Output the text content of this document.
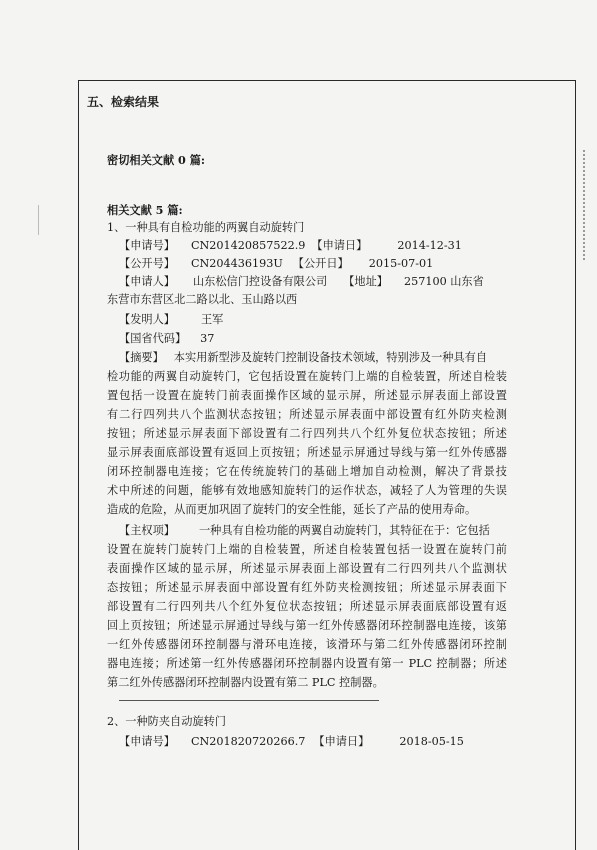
五、检索结果
密切相关文献 0 篇:
相关文献 5 篇:
1、一种具有自检功能的两翼自动旋转门
【申请号】 CN201420857522.9 【申请日】	2014-12-31
【公开号】 CN204436193U 【公开日】 2015-07-01
【申请人】 山东松信门控设备有限公司 【地址】 257100 山东省
东营市东营区北二路以北、玉山路以西
【发明人】 王军
【国省代码】 37
【摘要】 本实用新型涉及旋转门控制设备技术领域，特别涉及一种具有自
检功能的两翼自动旋转门，它包括设置在旋转门上端的自检装置，所述自检装
置包括一设置在旋转门前表面操作区域的显示屏，所述显示屏表面上部设置
有二行四列共八个监测状态按钮；所述显示屏表面中部设置有红外防夹检测
按钮；所述显示屏表面下部设置有二行四列共八个红外复位状态按钮；所述
显示屏表面底部设置有返回上页按钮；所述显示屏通过导线与第一红外传感器
闭环控制器电连接；它在传统旋转门的基础上增加自动检测，解决了背景技
术中所述的问题，能够有效地感知旋转门的运作状态，减轻了人为管理的失误
造成的危险，从而更加巩固了旋转门的安全性能，延长了产品的使用寿命。
【主权项】 一种具有自检功能的两翼自动旋转门，其特征在于：它包括
设置在旋转门旋转门上端的自检装置，所述自检装置包括一设置在旋转门前
表面操作区域的显示屏，所述显示屏表面上部设置有二行四列共八个监测状
态按钮；所述显示屏表面中部设置有红外防夹检测按钮；所述显示屏表面下
部设置有二行四列共八个红外复位状态按钮；所述显示屏表面底部设置有返
回上页按钮；所述显示屏通过导线与第一红外传感器闭环控制器电连接，该第
一红外传感器闭环控制器与滑环电连接，该滑环与第二红外传感器闭环控制
器电连接；所述第一红外传感器闭环控制器内设置有第一 PLC 控制器；所述
第二红外传感器闭环控制器内设置有第二 PLC 控制器。
2、一种防夹自动旋转门
【申请号】 CN201820720266.7 【申请日】	2018-05-15
